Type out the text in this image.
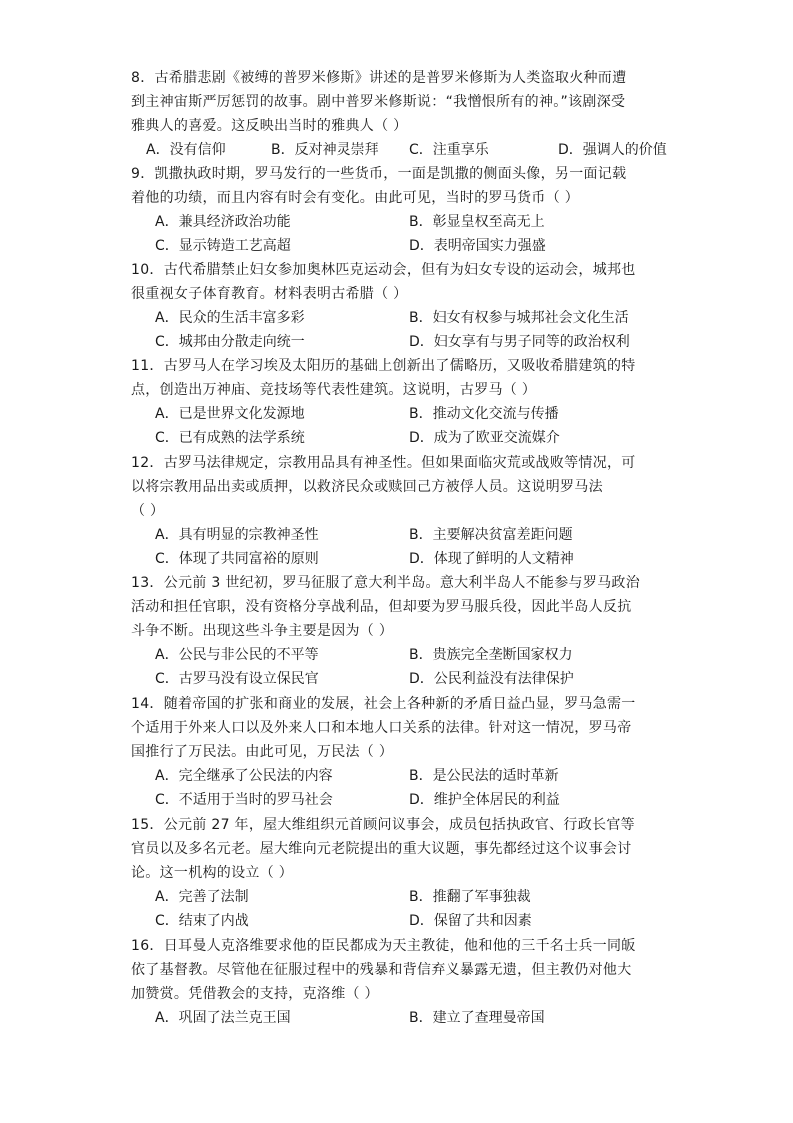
8．古希腊悲剧《被缚的普罗米修斯》讲述的是普罗米修斯为人类盗取火种而遭
到主神宙斯严厉惩罚的故事。剧中普罗米修斯说：“我憎恨所有的神。”该剧深受
雅典人的喜爱。这反映出当时的雅典人（ ）
A．没有信仰	B．反对神灵崇拜 C．注重享乐	D．强调人的价值
9．凯撒执政时期，罗马发行的一些货币，一面是凯撒的侧面头像，另一面记载
着他的功绩，而且内容有时会有变化。由此可见，当时的罗马货币（ ）
A．兼具经济政治功能	B．彰显皇权至高无上
C．显示铸造工艺高超	D．表明帝国实力强盛
10．古代希腊禁止妇女参加奥林匹克运动会，但有为妇女专设的运动会，城邦也
很重视女子体育教育。材料表明古希腊（ ）
A．民众的生活丰富多彩	B．妇女有权参与城邦社会文化生活
C．城邦由分散走向统一	D．妇女享有与男子同等的政治权利
11．古罗马人在学习埃及太阳历的基础上创新出了儒略历，又吸收希腊建筑的特
点，创造出万神庙、竞技场等代表性建筑。这说明，古罗马（ ）
A．已是世界文化发源地	B．推动文化交流与传播
C．已有成熟的法学系统	D．成为了欧亚交流媒介
12．古罗马法律规定，宗教用品具有神圣性。但如果面临灾荒或战败等情况，可
以将宗教用品出卖或质押，以救济民众或赎回己方被俘人员。这说明罗马法
（ ）
A．具有明显的宗教神圣性	B．主要解决贫富差距问题
C．体现了共同富裕的原则	D．体现了鲜明的人文精神
13．公元前 3 世纪初，罗马征服了意大利半岛。意大利半岛人不能参与罗马政治
活动和担任官职，没有资格分享战利品，但却要为罗马服兵役，因此半岛人反抗
斗争不断。出现这些斗争主要是因为（ ）
A．公民与非公民的不平等	B．贵族完全垄断国家权力
C．古罗马没有设立保民官	D．公民利益没有法律保护
14．随着帝国的扩张和商业的发展，社会上各种新的矛盾日益凸显，罗马急需一
个适用于外来人口以及外来人口和本地人口关系的法律。针对这一情况，罗马帝
国推行了万民法。由此可见，万民法（ ）
A．完全继承了公民法的内容	B．是公民法的适时革新
C．不适用于当时的罗马社会	D．维护全体居民的利益
15．公元前 27 年，屋大维组织元首顾问议事会，成员包括执政官、行政长官等
官员以及多名元老。屋大维向元老院提出的重大议题，事先都经过这个议事会讨
论。这一机构的设立（ ）
A．完善了法制	B．推翻了军事独裁
C．结束了内战	D．保留了共和因素
16．日耳曼人克洛维要求他的臣民都成为天主教徒，他和他的三千名士兵一同皈
依了基督教。尽管他在征服过程中的残暴和背信弃义暴露无遗，但主教仍对他大
加赞赏。凭借教会的支持，克洛维（ ）
A．巩固了法兰克王国	B．建立了查理曼帝国
